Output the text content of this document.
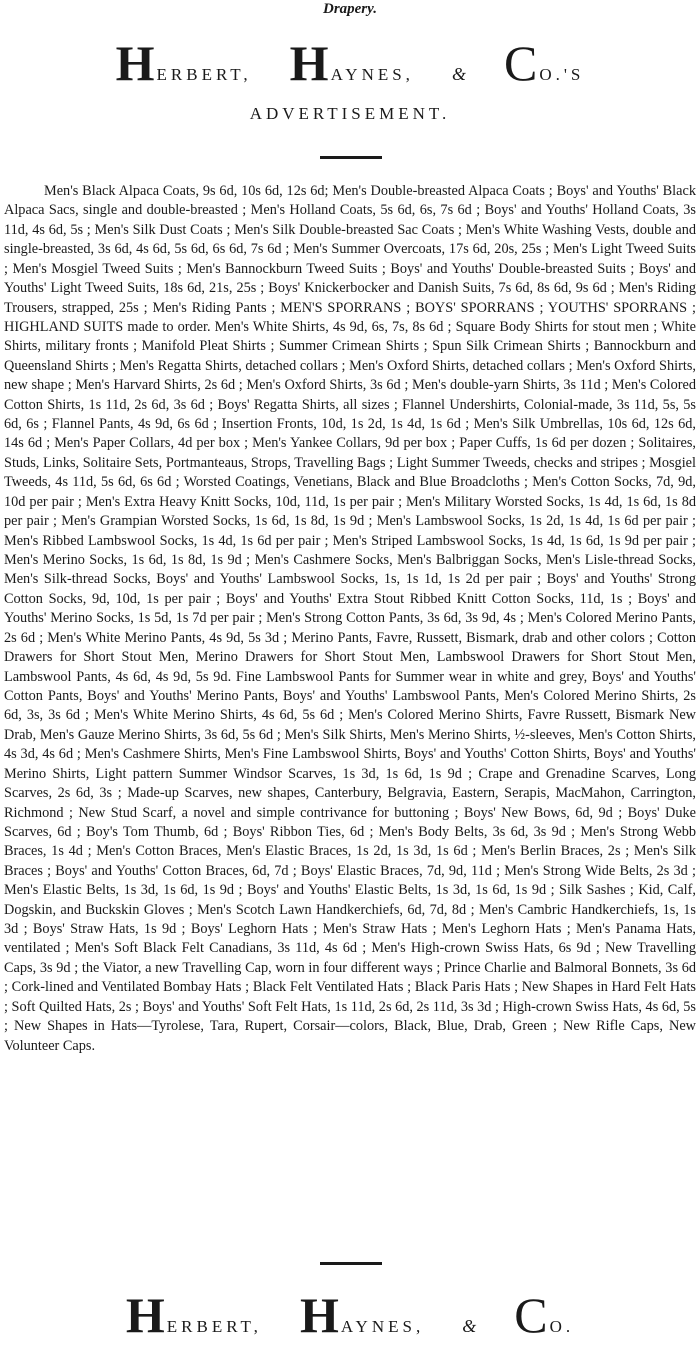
Drapery.
H ERBERT, H AYNES, & C O.'S
ADVERTISEMENT.

Men's Black Alpaca Coats, 9s 6d, 10s 6d, 12s 6d; Men's Double-breasted Alpaca Coats ; Boys' and Youths' Black Alpaca Sacs, single and double-breasted ; Men's Holland Coats, 5s 6d, 6s, 7s 6d ; Boys' and Youths' Holland Coats, 3s 11d, 4s 6d, 5s ; Men's Silk Dust Coats ; Men's Silk Double-breasted Sac Coats ; Men's White Washing Vests, double and single-breasted, 3s 6d, 4s 6d, 5s 6d, 6s 6d, 7s 6d ; Men's Summer Overcoats, 17s 6d, 20s, 25s ; Men's Light Tweed Suits ; Men's Mosgiel Tweed Suits ; Men's Bannockburn Tweed Suits ; Boys' and Youths' Double-breasted Suits ; Boys' and Youths' Light Tweed Suits, 18s 6d, 21s, 25s ; Boys' Knickerbocker and Danish Suits, 7s 6d, 8s 6d, 9s 6d ; Men's Riding Trousers, strapped, 25s ; Men's Riding Pants ; MEN'S SPORRANS ; BOYS' SPORRANS ; YOUTHS' SPORRANS ; HIGHLAND SUITS made to order. Men's White Shirts, 4s 9d, 6s, 7s, 8s 6d ; Square Body Shirts for stout men ; White Shirts, military fronts ; Manifold Pleat Shirts ; Summer Crimean Shirts ; Spun Silk Crimean Shirts ; Bannockburn and Queensland Shirts ; Men's Regatta Shirts, detached collars ; Men's Oxford Shirts, detached collars ; Men's Oxford Shirts, new shape ; Men's Harvard Shirts, 2s 6d ; Men's Oxford Shirts, 3s 6d ; Men's double-yarn Shirts, 3s 11d ; Men's Colored Cotton Shirts, 1s 11d, 2s 6d, 3s 6d ; Boys' Regatta Shirts, all sizes ; Flannel Undershirts, Colonial-made, 3s 11d, 5s, 5s 6d, 6s ; Flannel Pants, 4s 9d, 6s 6d ; Insertion Fronts, 10d, 1s 2d, 1s 4d, 1s 6d ; Men's Silk Umbrellas, 10s 6d, 12s 6d, 14s 6d ; Men's Paper Collars, 4d per box ; Men's Yankee Collars, 9d per box ; Paper Cuffs, 1s 6d per dozen ; Solitaires, Studs, Links, Solitaire Sets, Portmanteaus, Strops, Travelling Bags ; Light Summer Tweeds, checks and stripes ; Mosgiel Tweeds, 4s 11d, 5s 6d, 6s 6d ; Worsted Coatings, Venetians, Black and Blue Broadcloths ; Men's Cotton Socks, 7d, 9d, 10d per pair ; Men's Extra Heavy Knitt Socks, 10d, 11d, 1s per pair ; Men's Military Worsted Socks, 1s 4d, 1s 6d, 1s 8d per pair ; Men's Grampian Worsted Socks, 1s 6d, 1s 8d, 1s 9d ; Men's Lambswool Socks, 1s 2d, 1s 4d, 1s 6d per pair ; Men's Ribbed Lambswool Socks, 1s 4d, 1s 6d per pair ; Men's Striped Lambswool Socks, 1s 4d, 1s 6d, 1s 9d per pair ; Men's Merino Socks, 1s 6d, 1s 8d, 1s 9d ; Men's Cashmere Socks, Men's Balbriggan Socks, Men's Lisle-thread Socks, Men's Silk-thread Socks, Boys' and Youths' Lambswool Socks, 1s, 1s 1d, 1s 2d per pair ; Boys' and Youths' Strong Cotton Socks, 9d, 10d, 1s per pair ; Boys' and Youths' Extra Stout Ribbed Knitt Cotton Socks, 11d, 1s ; Boys' and Youths' Merino Socks, 1s 5d, 1s 7d per pair ; Men's Strong Cotton Pants, 3s 6d, 3s 9d, 4s ; Men's Colored Merino Pants, 2s 6d ; Men's White Merino Pants, 4s 9d, 5s 3d ; Merino Pants, Favre, Russett, Bismark, drab and other colors ; Cotton Drawers for Short Stout Men, Merino Drawers for Short Stout Men, Lambswool Drawers for Short Stout Men, Lambswool Pants, 4s 6d, 4s 9d, 5s 9d. Fine Lambswool Pants for Summer wear in white and grey, Boys' and Youths' Cotton Pants, Boys' and Youths' Merino Pants, Boys' and Youths' Lambswool Pants, Men's Colored Merino Shirts, 2s 6d, 3s, 3s 6d ; Men's White Merino Shirts, 4s 6d, 5s 6d ; Men's Colored Merino Shirts, Favre Russett, Bismark New Drab, Men's Gauze Merino Shirts, 3s 6d, 5s 6d ; Men's Silk Shirts, Men's Merino Shirts, ½-sleeves, Men's Cotton Shirts, 4s 3d, 4s 6d ; Men's Cashmere Shirts, Men's Fine Lambswool Shirts, Boys' and Youths' Cotton Shirts, Boys' and Youths' Merino Shirts, Light pattern Summer Windsor Scarves, 1s 3d, 1s 6d, 1s 9d ; Crape and Grenadine Scarves, Long Scarves, 2s 6d, 3s ; Made-up Scarves, new shapes, Canterbury, Belgravia, Eastern, Serapis, MacMahon, Carrington, Richmond ; New Stud Scarf, a novel and simple contrivance for buttoning ; Boys' New Bows, 6d, 9d ; Boys' Duke Scarves, 6d ; Boy's Tom Thumb, 6d ; Boys' Ribbon Ties, 6d ; Men's Body Belts, 3s 6d, 3s 9d ; Men's Strong Webb Braces, 1s 4d ; Men's Cotton Braces, Men's Elastic Braces, 1s 2d, 1s 3d, 1s 6d ; Men's Berlin Braces, 2s ; Men's Silk Braces ; Boys' and Youths' Cotton Braces, 6d, 7d ; Boys' Elastic Braces, 7d, 9d, 11d ; Men's Strong Wide Belts, 2s 3d ; Men's Elastic Belts, 1s 3d, 1s 6d, 1s 9d ; Boys' and Youths' Elastic Belts, 1s 3d, 1s 6d, 1s 9d ; Silk Sashes ; Kid, Calf, Dogskin, and Buckskin Gloves ; Men's Scotch Lawn Handkerchiefs, 6d, 7d, 8d ; Men's Cambric Handkerchiefs, 1s, 1s 3d ; Boys' Straw Hats, 1s 9d ; Boys' Leghorn Hats ; Men's Straw Hats ; Men's Leghorn Hats ; Men's Panama Hats, ventilated ; Men's Soft Black Felt Canadians, 3s 11d, 4s 6d ; Men's High-crown Swiss Hats, 6s 9d ; New Travelling Caps, 3s 9d ; the Viator, a new Travelling Cap, worn in four different ways ; Prince Charlie and Balmoral Bonnets, 3s 6d ; Cork-lined and Ventilated Bombay Hats ; Black Felt Ventilated Hats ; Black Paris Hats ; New Shapes in Hard Felt Hats ; Soft Quilted Hats, 2s ; Boys' and Youths' Soft Felt Hats, 1s 11d, 2s 6d, 2s 11d, 3s 3d ; High-crown Swiss Hats, 4s 6d, 5s ; New Shapes in Hats—Tyrolese, Tara, Rupert, Corsair—colors, Black, Blue, Drab, Green ; New Rifle Caps, New Volunteer Caps.

H ERBERT, H AYNES, & C O.
